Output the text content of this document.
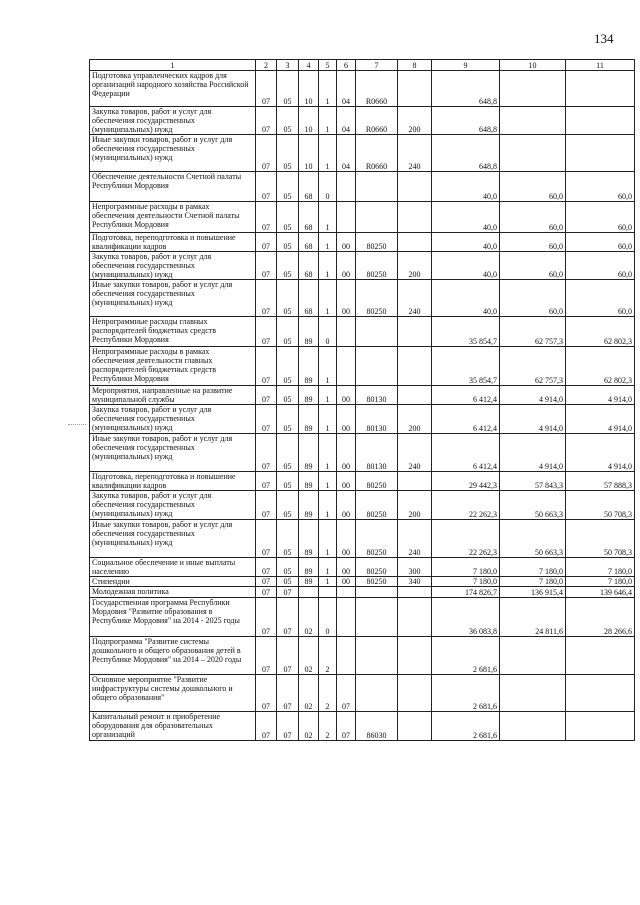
134
1	2	3	4	5	6	7	8	9	10	11
Подготовка управленческих кадров для организаций народного хозяйства Российской Федерации	07	05	10	1	04	R0660		648,8		
Закупка товаров, работ и услуг для обеспечения государственных (муниципальных) нужд	07	05	10	1	04	R0660	200	648,8		
Иные закупки товаров, работ и услуг для обеспечения государственных (муниципальных) нужд	07	05	10	1	04	R0660	240	648,8		
Обеспечение деятельности Счетной палаты Республики Мордовия	07	05	68	0				40,0	60,0	60,0
Непрограммные расходы в рамках обеспечения деятельности Счетной палаты Республики Мордовия	07	05	68	1				40,0	60,0	60,0
Подготовка, переподготовка и повышение квалификации кадров	07	05	68	1	00	80250		40,0	60,0	60,0
Закупка товаров, работ и услуг для обеспечения государственных (муниципальных) нужд	07	05	68	1	00	80250	200	40,0	60,0	60,0
Иные закупки товаров, работ и услуг для обеспечения государственных (муниципальных) нужд	07	05	68	1	00	80250	240	40,0	60,0	60,0
Непрограммные расходы главных распорядителей бюджетных средств Республики Мордовия	07	05	89	0				35 854,7	62 757,3	62 802,3
Непрограммные расходы в рамках обеспечения деятельности главных распорядителей бюджетных средств Республики Мордовия	07	05	89	1				35 854,7	62 757,3	62 802,3
Мероприятия, направленные на развитие муниципальной службы	07	05	89	1	00	80130		6 412,4	4 914,0	4 914,0
Закупка товаров, работ и услуг для обеспечения государственных (муниципальных) нужд	07	05	89	1	00	80130	200	6 412,4	4 914,0	4 914,0
Иные закупки товаров, работ и услуг для обеспечения государственных (муниципальных) нужд	07	05	89	1	00	80130	240	6 412,4	4 914,0	4 914,0
Подготовка, переподготовка и повышение квалификации кадров	07	05	89	1	00	80250		29 442,3	57 843,3	57 888,3
Закупка товаров, работ и услуг для обеспечения государственных (муниципальных) нужд	07	05	89	1	00	80250	200	22 262,3	50 663,3	50 708,3
Иные закупки товаров, работ и услуг для обеспечения государственных (муниципальных) нужд	07	05	89	1	00	80250	240	22 262,3	50 663,3	50 708,3
Социальное обеспечение и иные выплаты населению	07	05	89	1	00	80250	300	7 180,0	7 180,0	7 180,0
Стипендии	07	05	89	1	00	80250	340	7 180,0	7 180,0	7 180,0
Молодежная политика	07	07						174 826,7	136 915,4	139 646,4
Государственная программа Республики Мордовия "Развитие образования в Республике Мордовия" на 2014 - 2025 годы	07	07	02	0				36 083,8	24 811,6	28 266,6
Подпрограмма "Развитие системы дошкольного и общего образования детей в Республике Мордовия" на 2014 – 2020 годы	07	07	02	2				2 681,6		
Основное мероприятие "Развитие инфраструктуры системы дошкольного и общего образования"	07	07	02	2	07			2 681,6		
Капитальный ремонт и приобретение оборудования для образовательных организаций	07	07	02	2	07	86030		2 681,6		
